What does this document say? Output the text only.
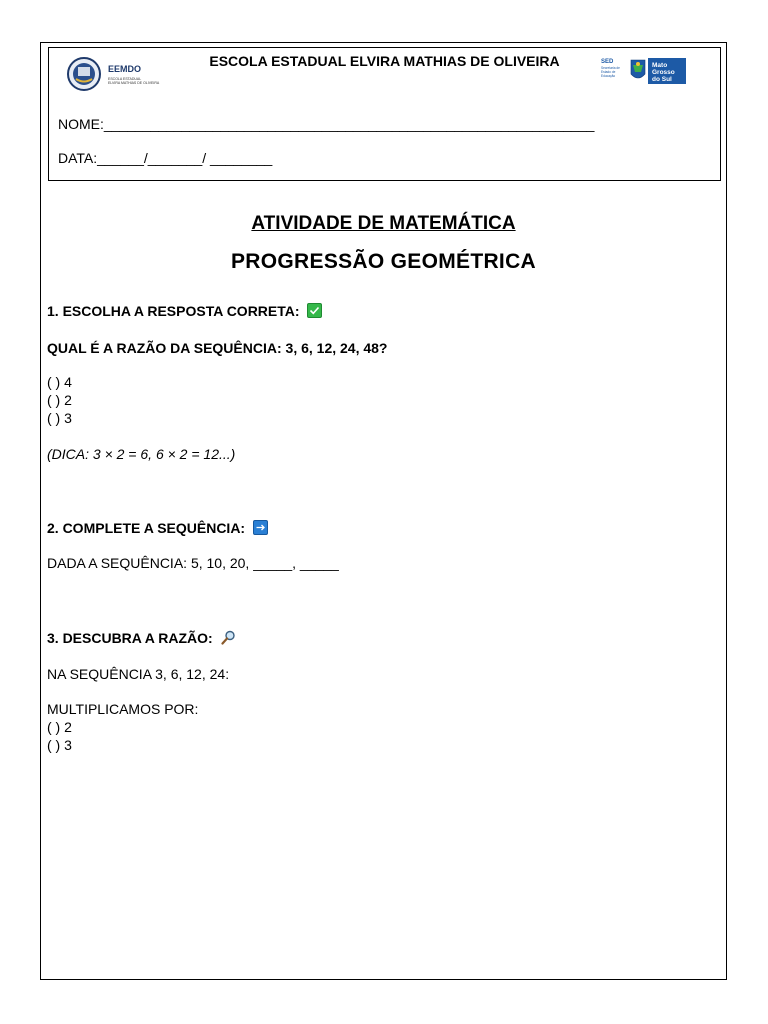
EEMDO
ESCOLA ESTADUAL
ELVIRA MATHIAS DE OLIVEIRA
ESCOLA ESTADUAL ELVIRA MATHIAS DE OLIVEIRA	SED
Secretaria de
Estado de
Educação
Mato
Grosso
do Sul
NOME:_______________________________________________________________
DATA:______/_______/ ________
ATIVIDADE DE MATEMÁTICA
PROGRESSÃO GEOMÉTRICA
1. ESCOLHA A RESPOSTA CORRETA:
QUAL É A RAZÃO DA SEQUÊNCIA: 3, 6, 12, 24, 48?
( ) 4
( ) 2
( ) 3
(DICA: 3 × 2 = 6, 6 × 2 = 12...)
2. COMPLETE A SEQUÊNCIA:
DADA A SEQUÊNCIA: 5, 10, 20, _____, _____
3. DESCUBRA A RAZÃO:
NA SEQUÊNCIA 3, 6, 12, 24:
MULTIPLICAMOS POR:
( ) 2
( ) 3
